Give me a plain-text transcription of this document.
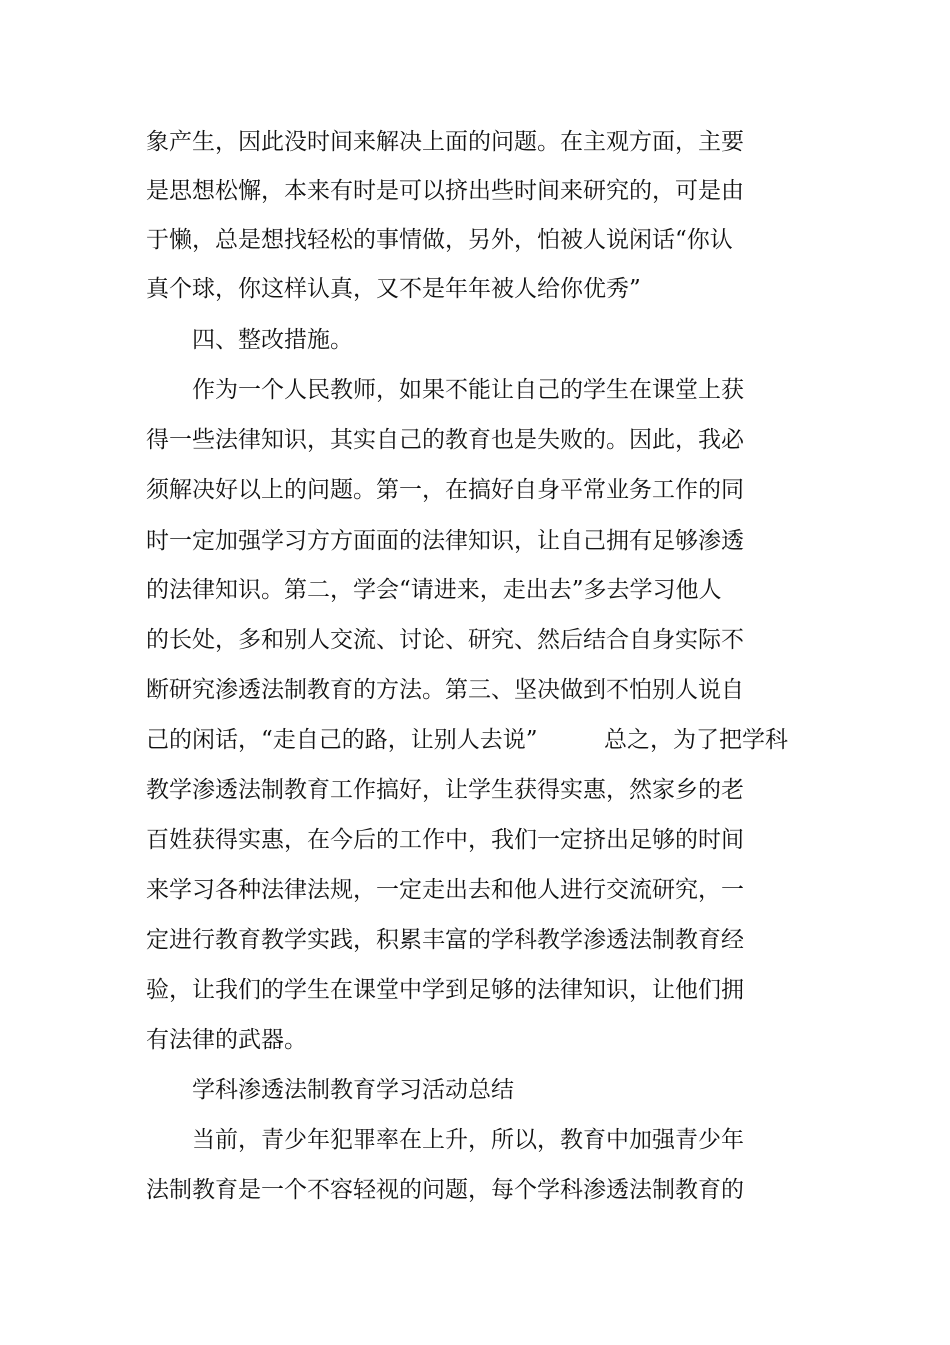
象产生，因此没时间来解决上面的问题。在主观方面，主要
是思想松懈，本来有时是可以挤出些时间来研究的，可是由
于懒，总是想找轻松的事情做，另外，怕被人说闲话“你认
真个球，你这样认真，又不是年年被人给你优秀”
四、整改措施。
作为一个人民教师，如果不能让自己的学生在课堂上获
得一些法律知识，其实自己的教育也是失败的。因此，我必
须解决好以上的问题。第一，在搞好自身平常业务工作的同
时一定加强学习方方面面的法律知识，让自己拥有足够渗透
的法律知识。第二，学会“请进来，走出去”多去学习他人
的长处，多和别人交流、讨论、研究、然后结合自身实际不
断研究渗透法制教育的方法。第三、坚决做到不怕别人说自
己的闲话，“走自己的路，让别人去说”	总之，为了把学科
教学渗透法制教育工作搞好，让学生获得实惠，然家乡的老
百姓获得实惠，在今后的工作中，我们一定挤出足够的时间
来学习各种法律法规，一定走出去和他人进行交流研究，一
定进行教育教学实践，积累丰富的学科教学渗透法制教育经
验，让我们的学生在课堂中学到足够的法律知识，让他们拥
有法律的武器。
学科渗透法制教育学习活动总结
当前，青少年犯罪率在上升，所以，教育中加强青少年
法制教育是一个不容轻视的问题，每个学科渗透法制教育的
